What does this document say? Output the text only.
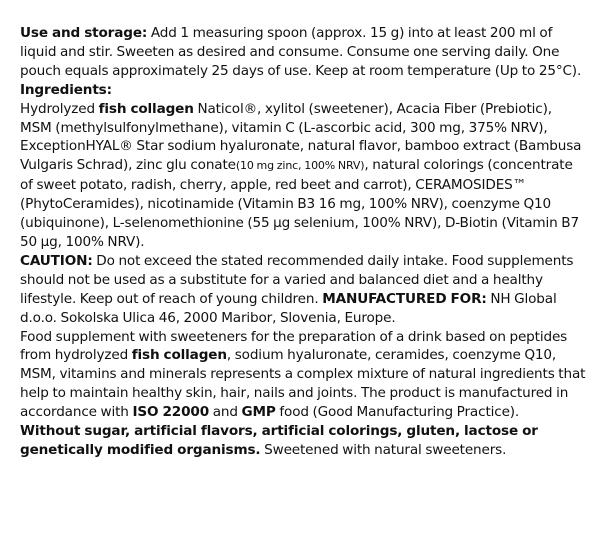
Use and storage: Add 1 measuring spoon (approx. 15 g) into at least 200 ml of liquid and stir. Sweeten as desired and consume. Consume one serving daily. One pouch equals approximately 25 days of use. Keep at room temperature (Up to 25°C).

Ingredients:

Hydrolyzed fish collagen Naticol®, xylitol (sweetener), Acacia Fiber (Prebiotic), MSM (methylsulfonylmethane), vitamin C (L-ascorbic acid, 300 mg, 375% NRV), ExceptionHYAL® Star sodium hyaluronate, natural flavor, bamboo extract (Bambusa Vulgaris Schrad), zinc glu conate(10 mg zinc, 100% NRV), natural colorings (concentrate of sweet potato, radish, cherry, apple, red beet and carrot), CERAMOSIDES™ (PhytoCeramides), nicotinamide (Vitamin B3 16 mg, 100% NRV), coenzyme Q10 (ubiquinone), L-selenomethionine (55 µg selenium, 100% NRV), D-Biotin (Vitamin B7 50 µg, 100% NRV).

CAUTION: Do not exceed the stated recommended daily intake. Food supplements should not be used as a substitute for a varied and balanced diet and a healthy lifestyle. Keep out of reach of young children. MANUFACTURED FOR: NH Global d.o.o. Sokolska Ulica 46, 2000 Maribor, Slovenia, Europe.

Food supplement with sweeteners for the preparation of a drink based on peptides from hydrolyzed fish collagen, sodium hyaluronate, ceramides, coenzyme Q10, MSM, vitamins and minerals represents a complex mixture of natural ingredients that help to maintain healthy skin, hair, nails and joints. The product is manufactured in accordance with ISO 22000 and GMP food (Good Manufacturing Practice).

Without sugar, artificial flavors, artificial colorings, gluten, lactose or genetically modified organisms. Sweetened with natural sweeteners.
